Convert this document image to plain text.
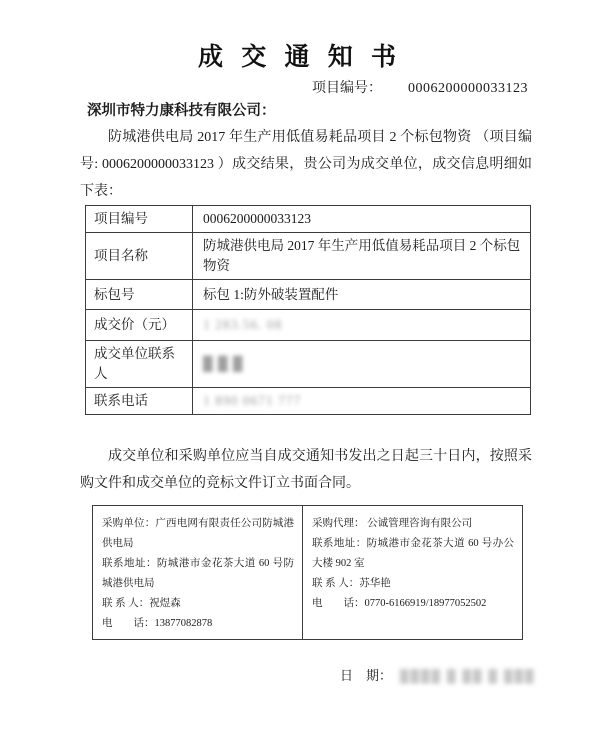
成 交 通 知 书
项目编号： 0006200000033123
深圳市特力康科技有限公司：

防城港供电局 2017 年生产用低值易耗品项目 2 个标包物资 （项目编号: 0006200000033123 ）成交结果，贵公司为成交单位，成交信息明细如下表：

项目编号	0006200000033123
项目名称	防城港供电局 2017 年生产用低值易耗品项目 2 个标包物资
标包号	标包 1:防外破装置配件
成交价（元）	1 283.56. 08
成交单位联系人	█ █ █
联系电话	1 890 0671 777

成交单位和采购单位应当自成交通知书发出之日起三十日内，按照采购文件和成交单位的竞标文件订立书面合同。

采购单位：广西电网有限责任公司防城港供电局
联系地址：防城港市金花茶大道 60 号防城港供电局
联 系 人：祝煜森
电　　话：13877082878

采购代理： 公诚管理咨询有限公司
联系地址：防城港市金花茶大道 60 号办公大楼 902 室
联 系 人：苏华艳
电　　话：0770-6166919/18977052502
日　期： ████ █ ██ █ ███
